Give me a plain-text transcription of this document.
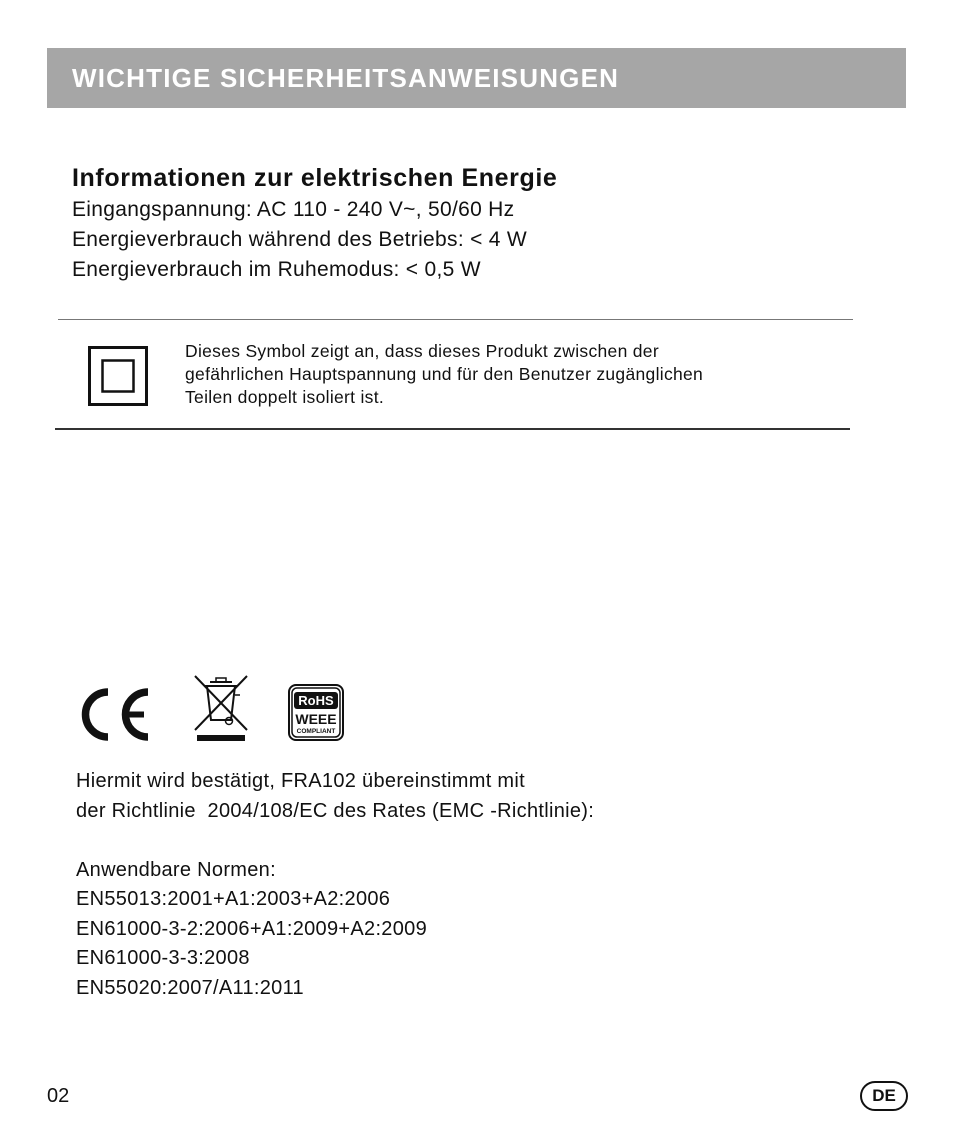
WICHTIGE SICHERHEITSANWEISUNGEN
Informationen zur elektrischen Energie
Eingangspannung: AC 110 - 240 V~, 50/60 Hz
Energieverbrauch während des Betriebs: < 4 W
Energieverbrauch im Ruhemodus: < 0,5 W
Dieses Symbol zeigt an, dass dieses Produkt zwischen der
gefährlichen Hauptspannung und für den Benutzer zugänglichen
Teilen doppelt isoliert ist.
RoHS
WEEE
COMPLIANT
Hiermit wird bestätigt, FRA102 übereinstimmt mit
der Richtlinie  2004/108/EC des Rates (EMC -Richtlinie):
Anwendbare Normen:
EN55013:2001+A1:2003+A2:2006
EN61000-3-2:2006+A1:2009+A2:2009
EN61000-3-3:2008
EN55020:2007/A11:2011
02	DE
